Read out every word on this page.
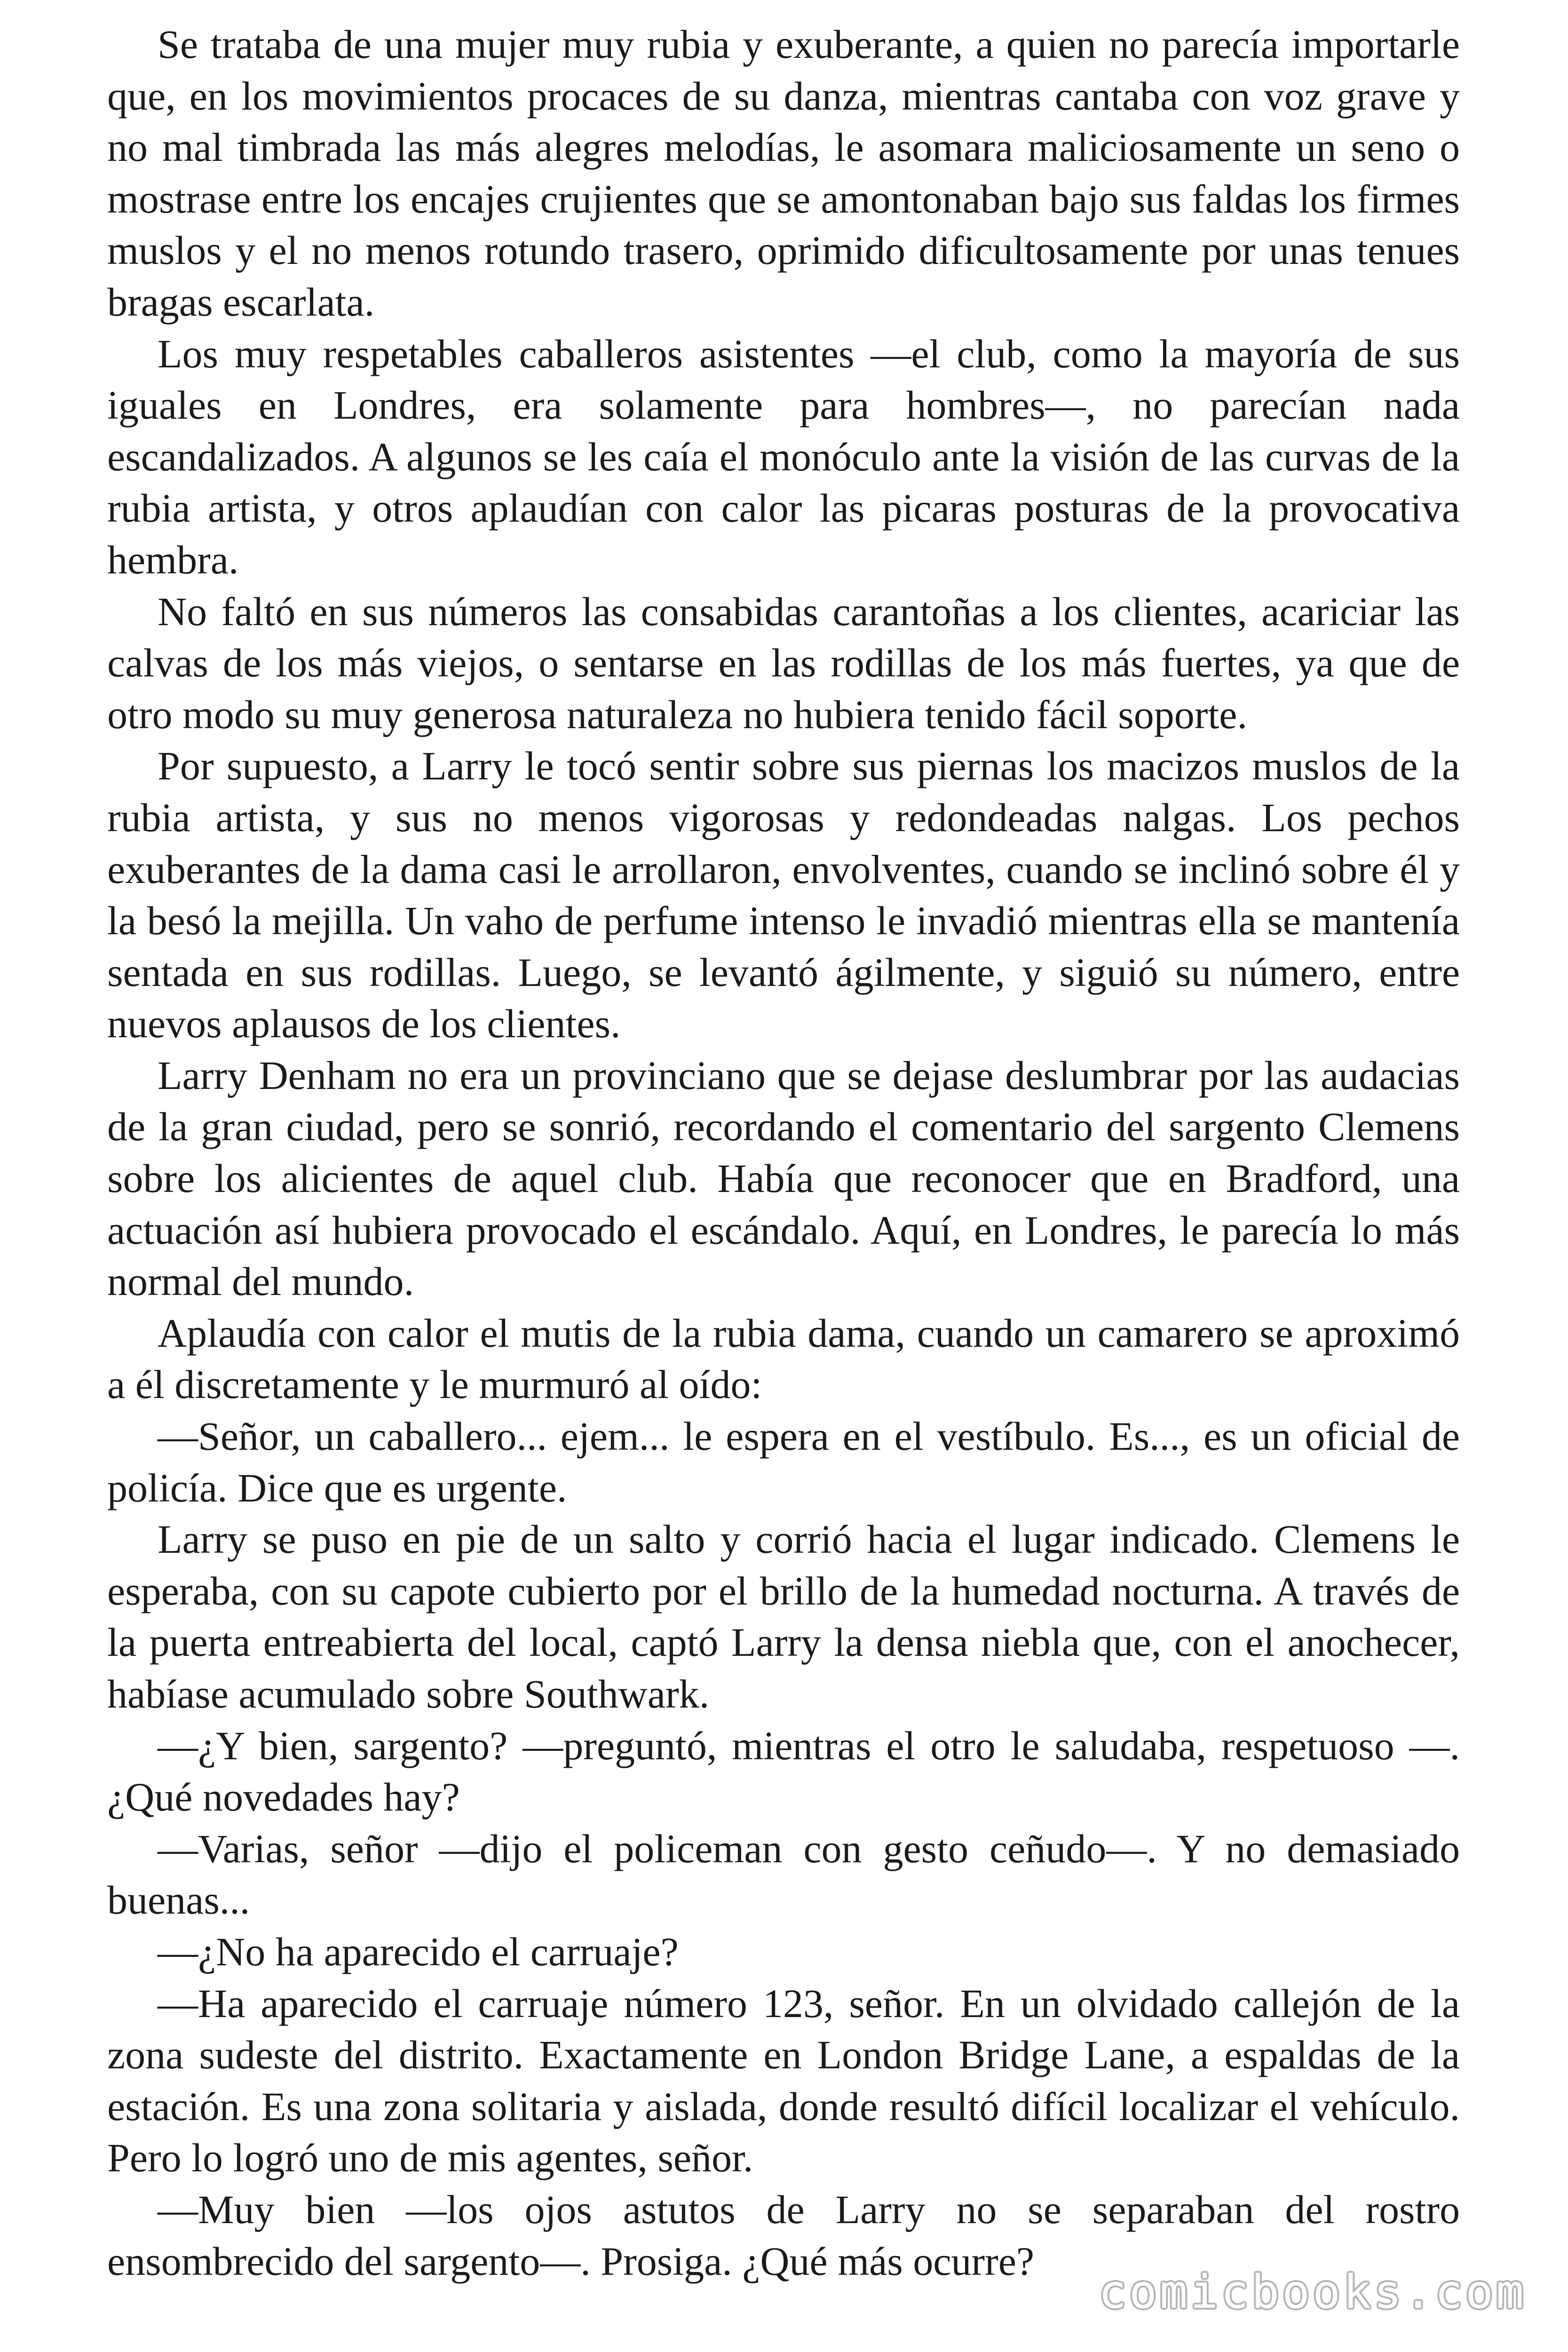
Se trataba de una mujer muy rubia y exuberante, a quien no parecía importarle que, en los movimientos procaces de su danza, mientras cantaba con voz grave y no mal timbrada las más alegres melodías, le asomara maliciosamente un seno o mostrase entre los encajes crujientes que se amontonaban bajo sus faldas los firmes muslos y el no menos rotundo trasero, oprimido dificultosamente por unas tenues bragas escarlata.

Los muy respetables caballeros asistentes —el club, como la mayoría de sus iguales en Londres, era solamente para hombres—, no parecían nada escandalizados. A algunos se les caía el monóculo ante la visión de las curvas de la rubia artista, y otros aplaudían con calor las picaras posturas de la provocativa hembra.

No faltó en sus números las consabidas carantoñas a los clientes, acariciar las calvas de los más viejos, o sentarse en las rodillas de los más fuertes, ya que de otro modo su muy generosa naturaleza no hubiera tenido fácil soporte.

Por supuesto, a Larry le tocó sentir sobre sus piernas los macizos muslos de la rubia artista, y sus no menos vigorosas y redondeadas nalgas. Los pechos exuberantes de la dama casi le arrollaron, envolventes, cuando se inclinó sobre él y la besó la mejilla. Un vaho de perfume intenso le invadió mientras ella se mantenía sentada en sus rodillas. Luego, se levantó ágilmente, y siguió su número, entre nuevos aplausos de los clientes.

Larry Denham no era un provinciano que se dejase deslumbrar por las audacias de la gran ciudad, pero se sonrió, recordando el comentario del sargento Clemens sobre los alicientes de aquel club. Había que reconocer que en Bradford, una actuación así hubiera provocado el escándalo. Aquí, en Londres, le parecía lo más normal del mundo.

Aplaudía con calor el mutis de la rubia dama, cuando un camarero se aproximó a él discretamente y le murmuró al oído:

—Señor, un caballero... ejem... le espera en el vestíbulo. Es..., es un oficial de policía. Dice que es urgente.

Larry se puso en pie de un salto y corrió hacia el lugar indicado. Clemens le esperaba, con su capote cubierto por el brillo de la humedad nocturna. A través de la puerta entreabierta del local, captó Larry la densa niebla que, con el anochecer, habíase acumulado sobre Southwark.

—¿Y bien, sargento? —preguntó, mientras el otro le saludaba, respetuoso —. ¿Qué novedades hay?

—Varias, señor —dijo el policeman con gesto ceñudo—. Y no demasiado buenas...

—¿No ha aparecido el carruaje?

—Ha aparecido el carruaje número 123, señor. En un olvidado callejón de la zona sudeste del distrito. Exactamente en London Bridge Lane, a espaldas de la estación. Es una zona solitaria y aislada, donde resultó difícil localizar el vehículo. Pero lo logró uno de mis agentes, señor.

—Muy bien —los ojos astutos de Larry no se separaban del rostro ensombrecido del sargento—. Prosiga. ¿Qué más ocurre?

comicbooks.com
